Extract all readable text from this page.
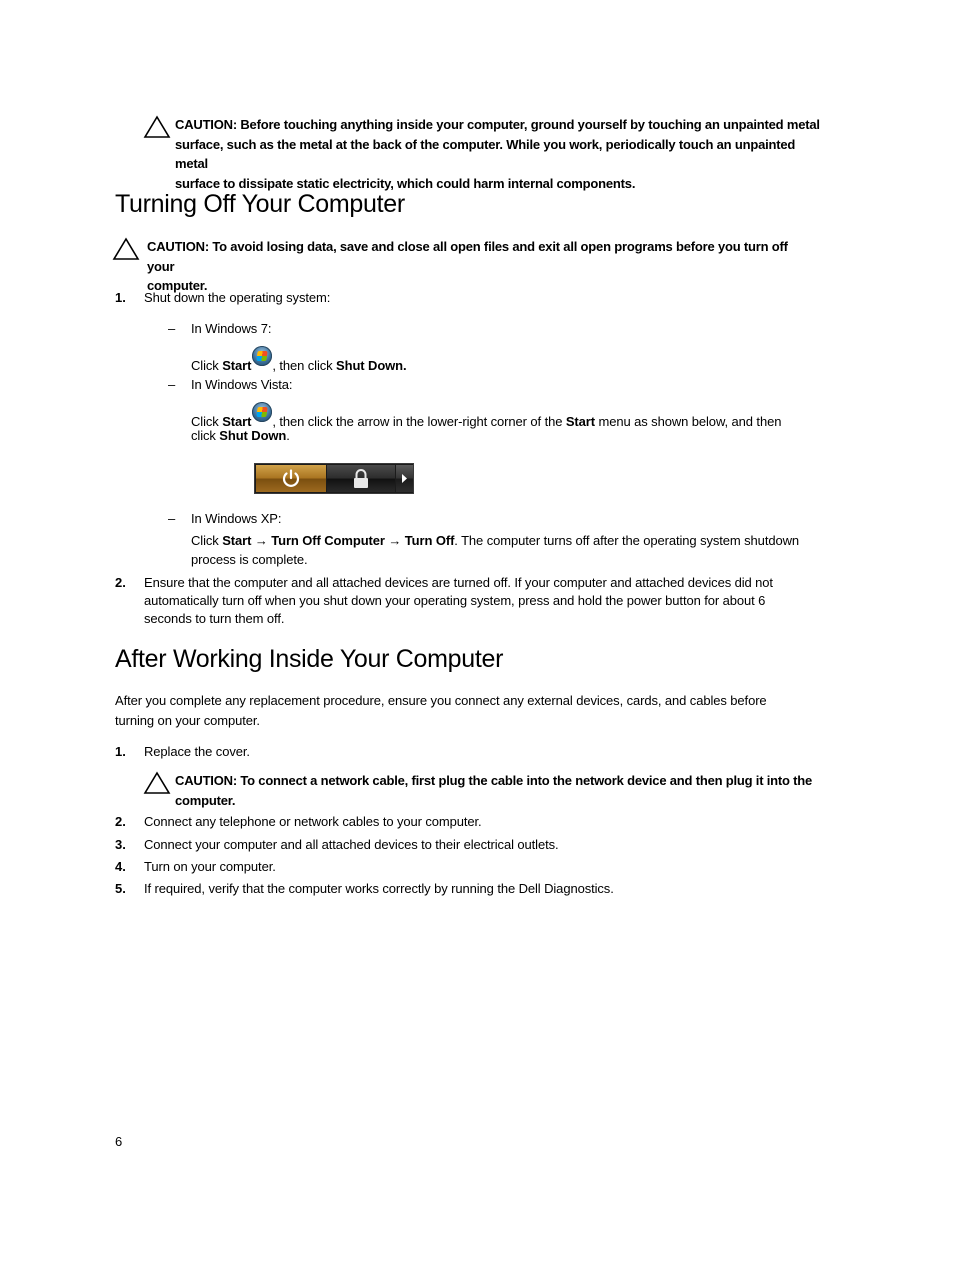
CAUTION: Before touching anything inside your computer, ground yourself by touching an unpainted metal
surface, such as the metal at the back of the computer. While you work, periodically touch an unpainted metal
surface to dissipate static electricity, which could harm internal components.
Turning Off Your Computer
CAUTION: To avoid losing data, save and close all open files and exit all open programs before you turn off your
computer.
1. Shut down the operating system:
– In Windows 7:
Click Start , then click Shut Down.
– In Windows Vista:
Click Start , then click the arrow in the lower-right corner of the Start menu as shown below, and then
click Shut Down.
– In Windows XP:
Click Start → Turn Off Computer → Turn Off. The computer turns off after the operating system shutdown
process is complete.
2. Ensure that the computer and all attached devices are turned off. If your computer and attached devices did not
automatically turn off when you shut down your operating system, press and hold the power button for about 6
seconds to turn them off.
After Working Inside Your Computer
After you complete any replacement procedure, ensure you connect any external devices, cards, and cables before
turning on your computer.
1. Replace the cover.
CAUTION: To connect a network cable, first plug the cable into the network device and then plug it into the
computer.
2. Connect any telephone or network cables to your computer.
3. Connect your computer and all attached devices to their electrical outlets.
4. Turn on your computer.
5. If required, verify that the computer works correctly by running the Dell Diagnostics.
6
